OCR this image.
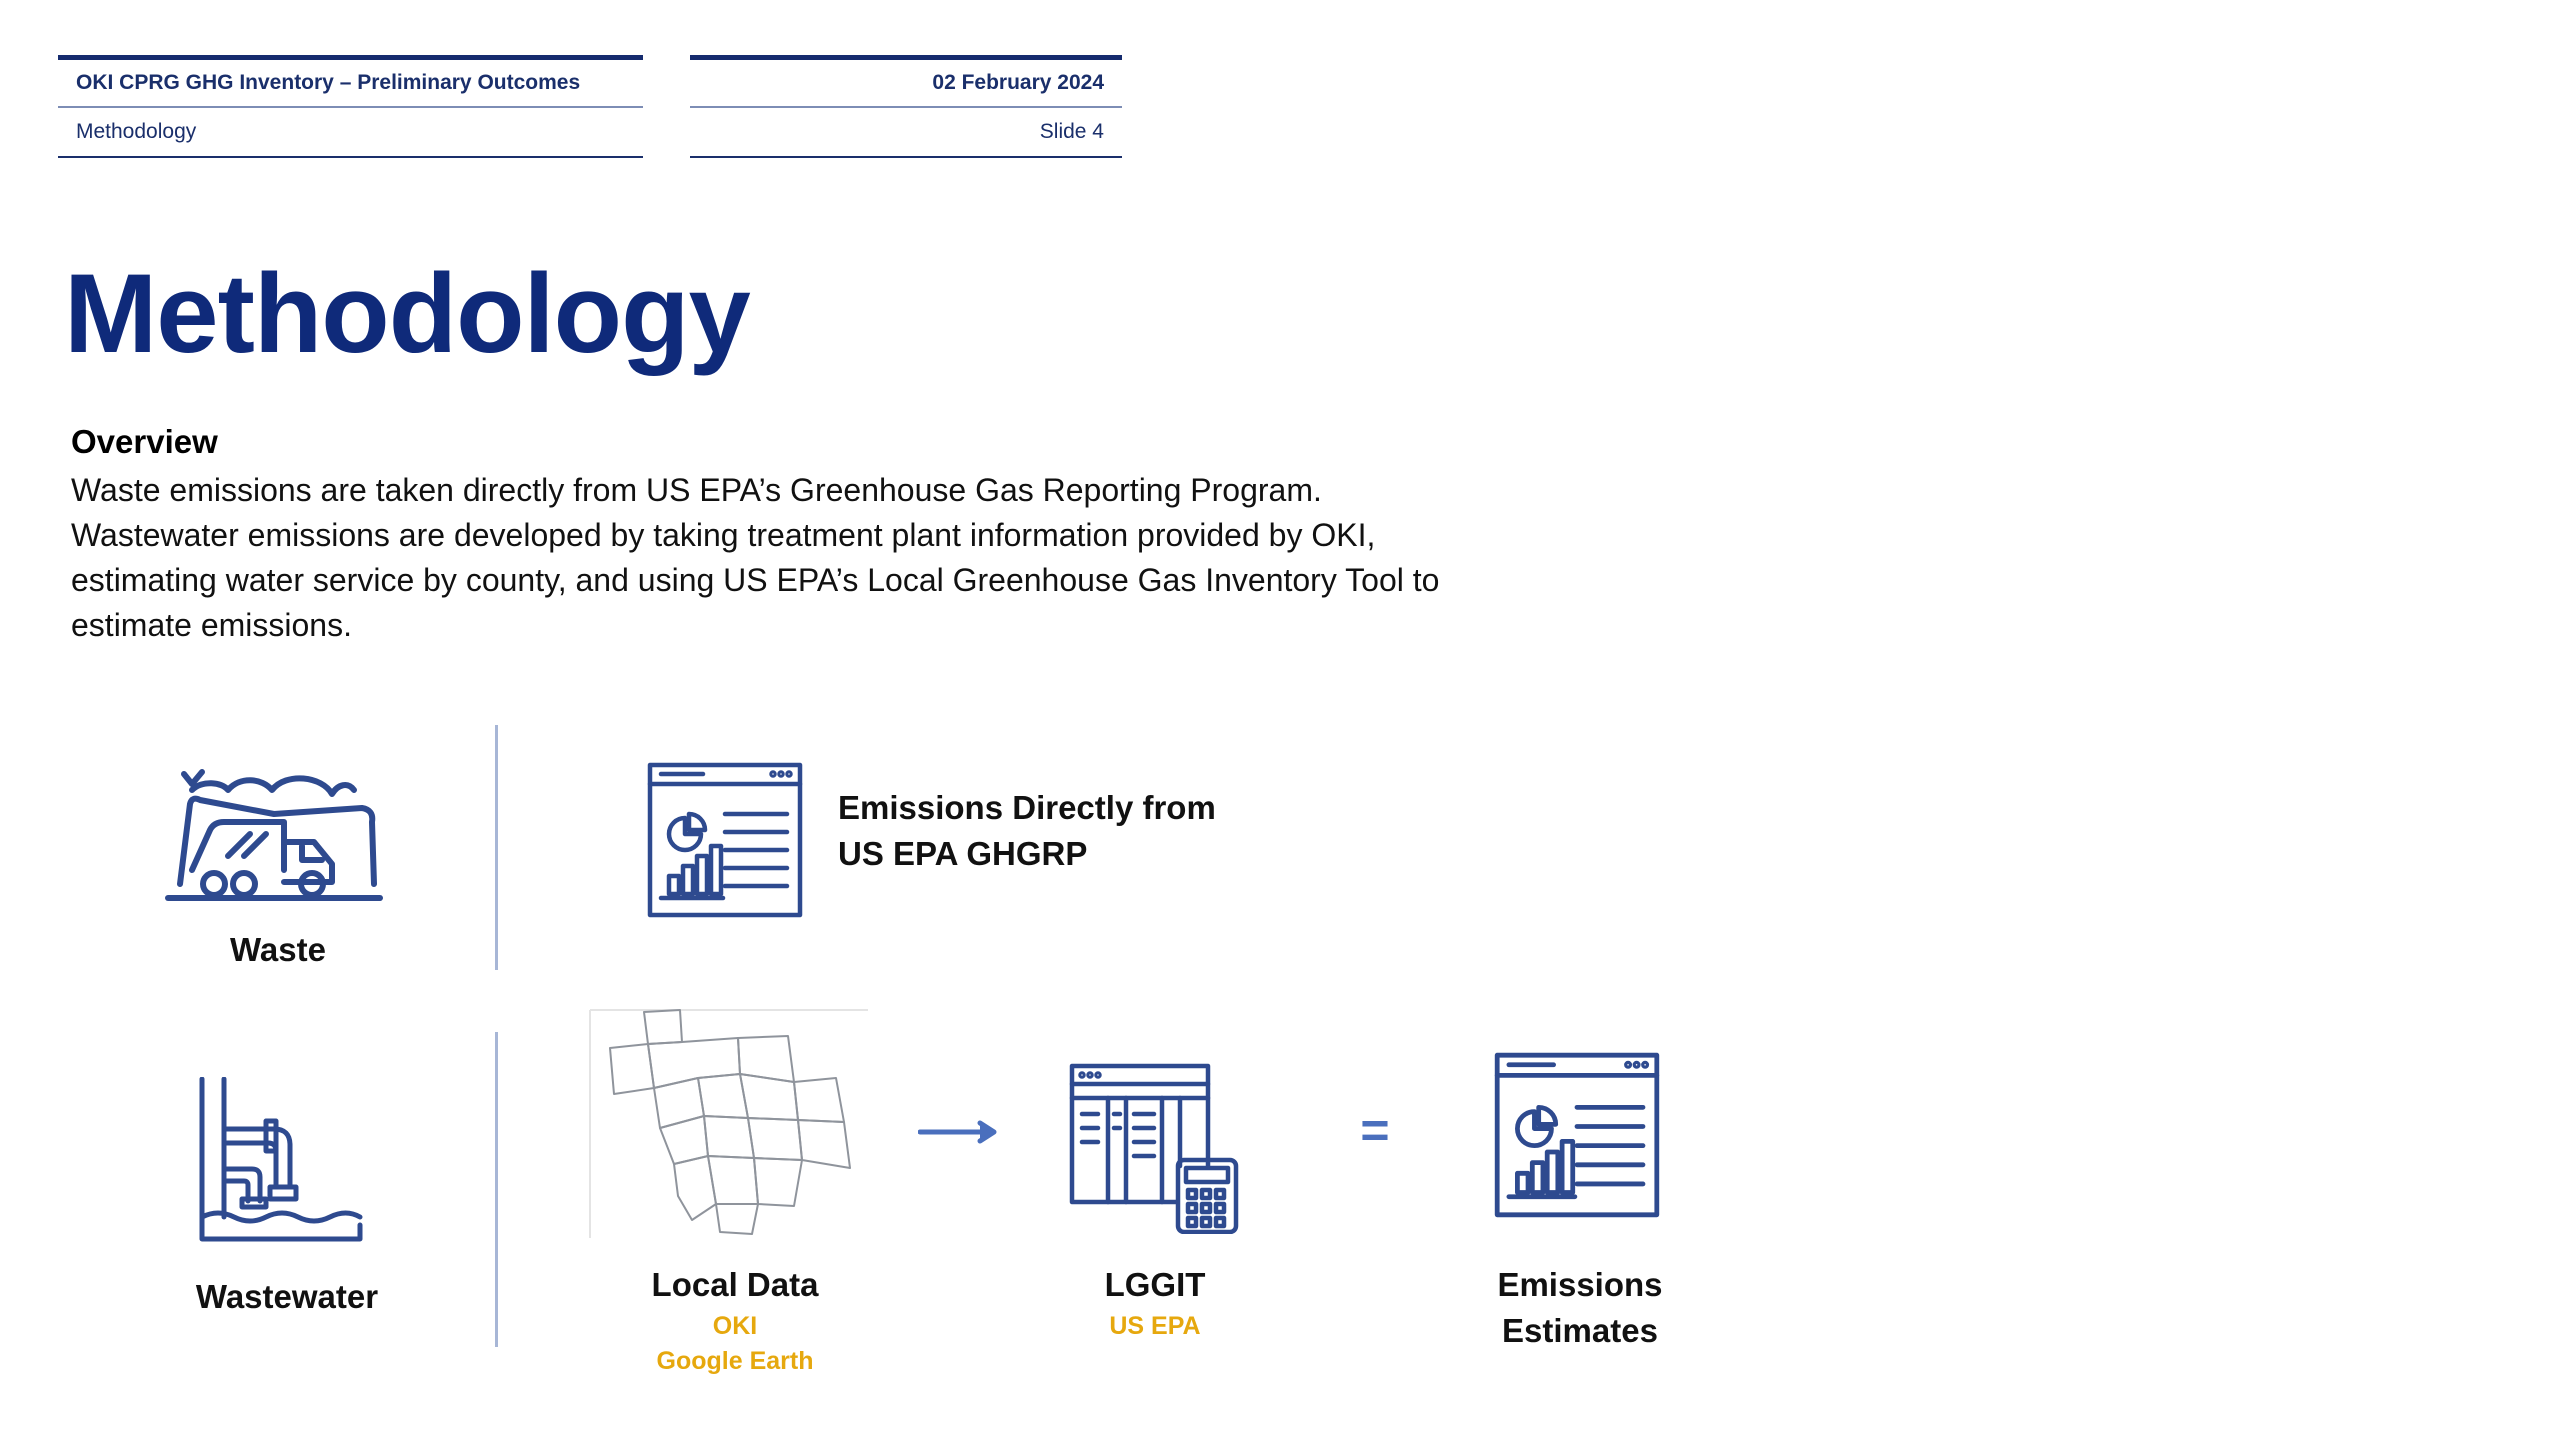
OKI CPRG GHG Inventory – Preliminary Outcomes
Methodology
02 February 2024
Slide 4
Methodology
Overview
Waste emissions are taken directly from US EPA’s Greenhouse Gas Reporting Program. Wastewater emissions are developed by taking treatment plant information provided by OKI, estimating water service by county, and using US EPA’s Local Greenhouse Gas Inventory Tool to estimate emissions.
Waste
Emissions Directly from
US EPA GHGRP
Wastewater	Local Data
OKI
Google Earth
LGGIT
US EPA
=
Emissions
Estimates
